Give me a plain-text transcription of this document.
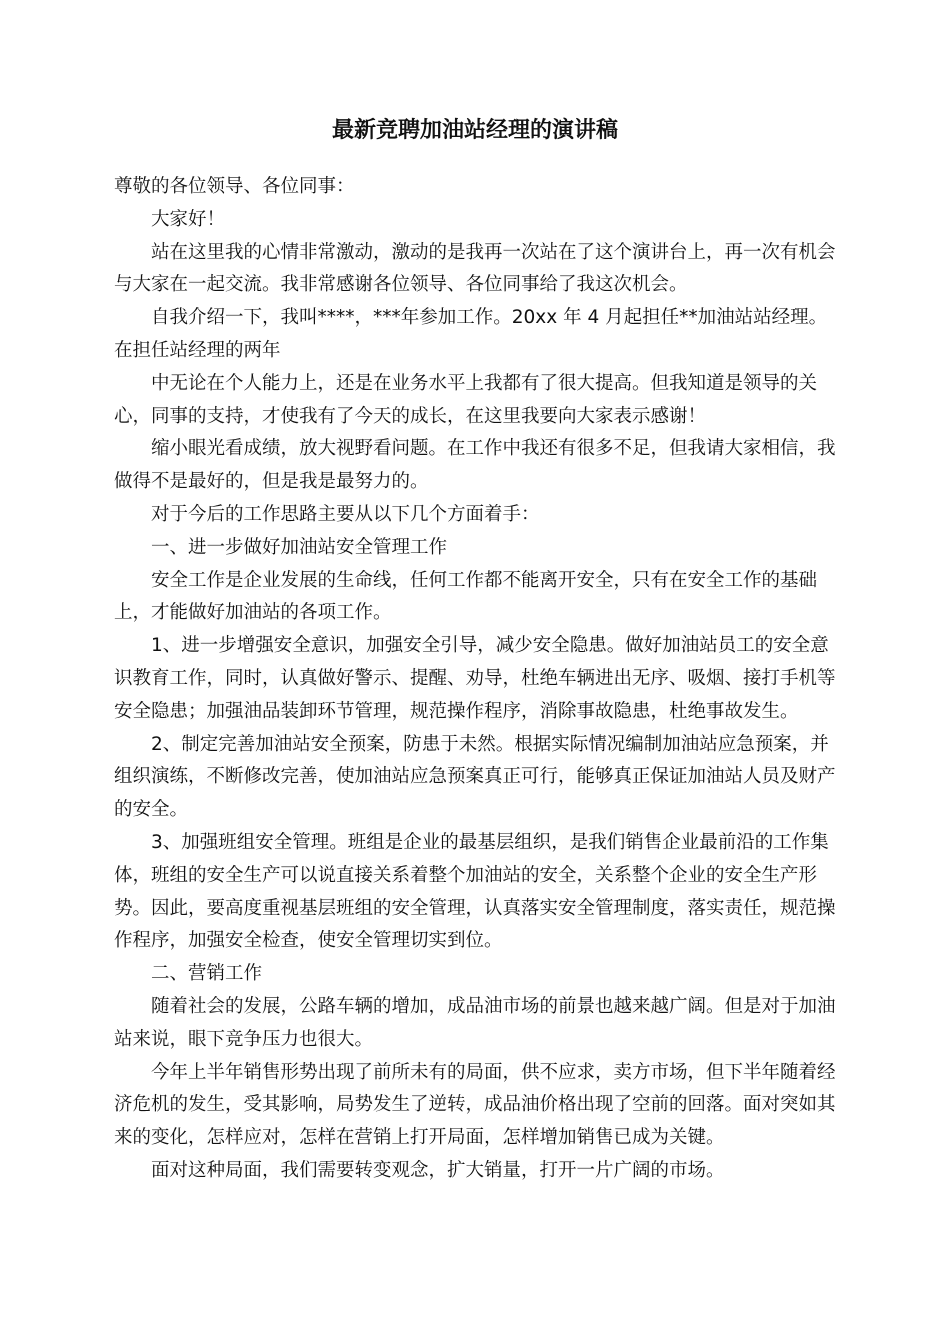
最新竞聘加油站经理的演讲稿

尊敬的各位领导、各位同事：

大家好！

站在这里我的心情非常激动，激动的是我再一次站在了这个演讲台上，再一次有机会与大家在一起交流。我非常感谢各位领导、各位同事给了我这次机会。

自我介绍一下，我叫****，***年参加工作。20xx 年 4 月起担任**加油站站经理。

在担任站经理的两年

中无论在个人能力上，还是在业务水平上我都有了很大提高。但我知道是领导的关心，同事的支持，才使我有了今天的成长，在这里我要向大家表示感谢！

缩小眼光看成绩，放大视野看问题。在工作中我还有很多不足，但我请大家相信，我做得不是最好的，但是我是最努力的。

对于今后的工作思路主要从以下几个方面着手：

一、进一步做好加油站安全管理工作

安全工作是企业发展的生命线，任何工作都不能离开安全，只有在安全工作的基础上，才能做好加油站的各项工作。

1、进一步增强安全意识，加强安全引导，减少安全隐患。做好加油站员工的安全意识教育工作，同时，认真做好警示、提醒、劝导，杜绝车辆进出无序、吸烟、接打手机等安全隐患；加强油品装卸环节管理，规范操作程序，消除事故隐患，杜绝事故发生。

2、制定完善加油站安全预案，防患于未然。根据实际情况编制加油站应急预案，并组织演练，不断修改完善，使加油站应急预案真正可行，能够真正保证加油站人员及财产的安全。

3、加强班组安全管理。班组是企业的最基层组织，是我们销售企业最前沿的工作集体，班组的安全生产可以说直接关系着整个加油站的安全，关系整个企业的安全生产形势。因此，要高度重视基层班组的安全管理，认真落实安全管理制度，落实责任，规范操作程序，加强安全检查，使安全管理切实到位。

二、营销工作

随着社会的发展，公路车辆的增加，成品油市场的前景也越来越广阔。但是对于加油站来说，眼下竞争压力也很大。

今年上半年销售形势出现了前所未有的局面，供不应求，卖方市场，但下半年随着经济危机的发生，受其影响，局势发生了逆转，成品油价格出现了空前的回落。面对突如其来的变化，怎样应对，怎样在营销上打开局面，怎样增加销售已成为关键。

面对这种局面，我们需要转变观念，扩大销量，打开一片广阔的市场。
